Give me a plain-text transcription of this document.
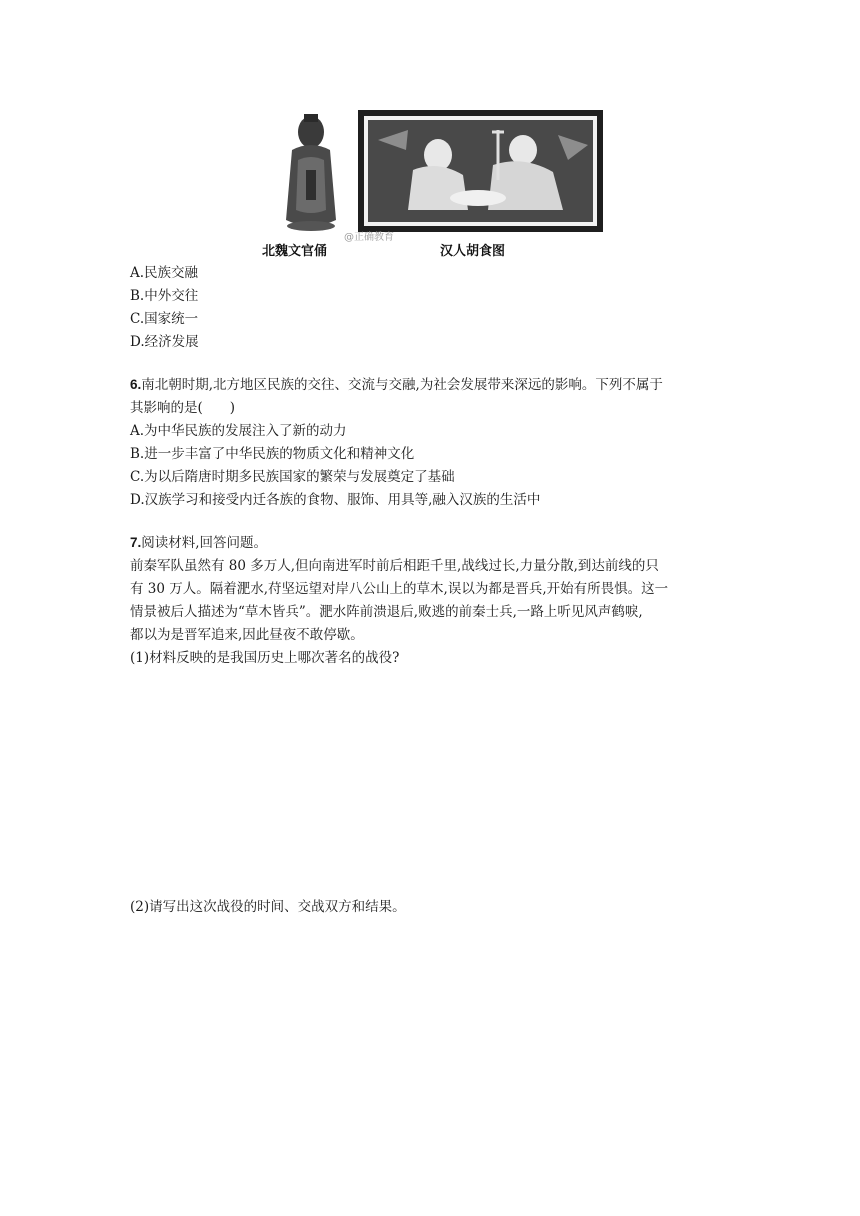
北魏文官俑	汉人胡食图
@正确教育
A.民族交融
B.中外交往
C.国家统一
D.经济发展
6.南北朝时期,北方地区民族的交往、交流与交融,为社会发展带来深远的影响。下列不属于
其影响的是(　　)
A.为中华民族的发展注入了新的动力
B.进一步丰富了中华民族的物质文化和精神文化
C.为以后隋唐时期多民族国家的繁荣与发展奠定了基础
D.汉族学习和接受内迁各族的食物、服饰、用具等,融入汉族的生活中
7.阅读材料,回答问题。
前秦军队虽然有 80 多万人,但向南进军时前后相距千里,战线过长,力量分散,到达前线的只
有 30 万人。隔着淝水,苻坚远望对岸八公山上的草木,误以为都是晋兵,开始有所畏惧。这一
情景被后人描述为“草木皆兵”。淝水阵前溃退后,败逃的前秦士兵,一路上听见风声鹤唳,
都以为是晋军追来,因此昼夜不敢停歇。
(1)材料反映的是我国历史上哪次著名的战役?
(2)请写出这次战役的时间、交战双方和结果。
